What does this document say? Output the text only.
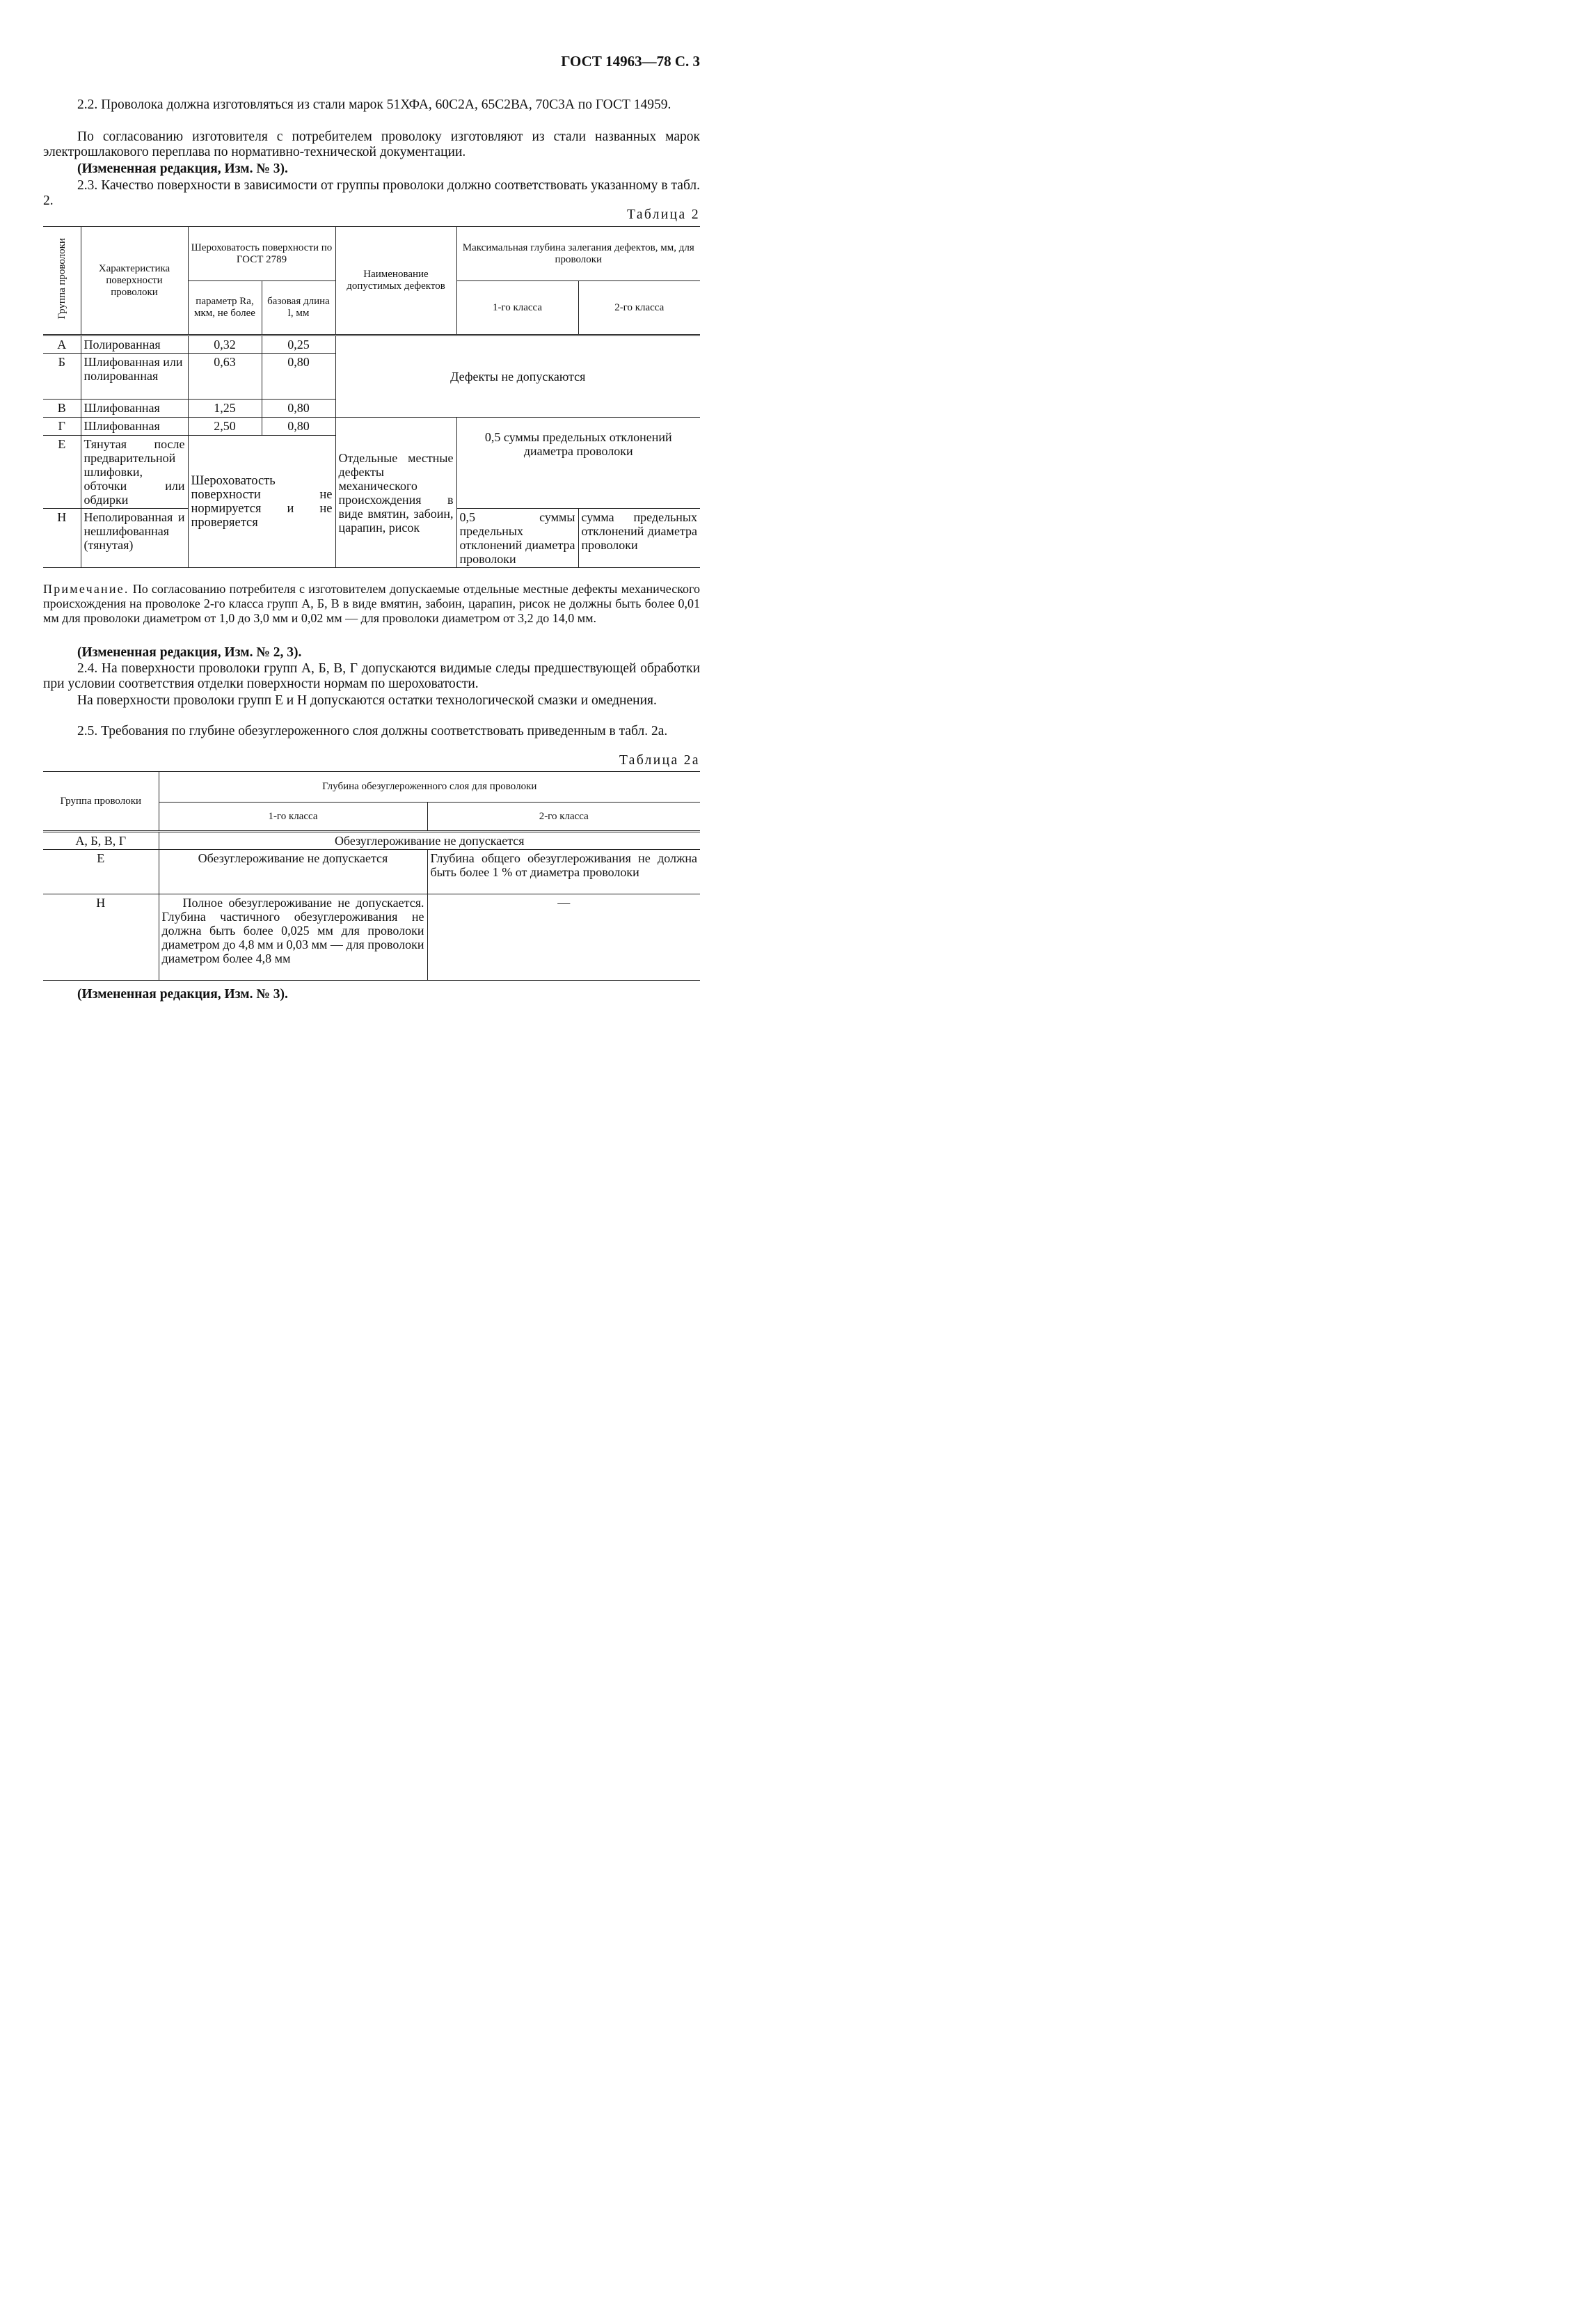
ГОСТ 14963—78 С. 3
2.2. Проволока должна изготовляться из стали марок 51ХФА, 60С2А, 65С2ВА, 70С3А по ГОСТ 14959.
По согласованию изготовителя с потребителем проволоку изготовляют из стали названных марок электрошлакового переплава по нормативно-технической документации.
(Измененная редакция, Изм. № 3).
2.3. Качество поверхности в зависимости от группы проволоки должно соответствовать указанному в табл. 2.
Таблица 2
Группа проволоки	Характеристика поверхности проволоки	Шероховатость поверхности по ГОСТ 2789		Наименование допустимых дефектов	Максимальная глубина залегания дефектов, мм, для проволоки	
		параметр Ra, мкм, не более	базовая длина l, мм		1-го класса	2-го класса
А	Полированная	0,32	0,25	Дефекты не допускаются		
Б	Шлифованная или полированная	0,63	0,80			
В	Шлифованная	1,25	0,80			
Г	Шлифованная	2,50	0,80	Отдельные местные дефекты механического происхождения в виде вмятин, забоин, царапин, рисок	0,5 суммы предельных отклонений диаметра проволоки	
Е	Тянутая после предварительной шлифовки, обточки или обдирки	Шероховатость поверхности не нормируется и не проверяется				
Н	Неполированная и нешлифованная (тянутая)				0,5 суммы предельных отклонений диаметра проволоки	сумма предельных отклонений диаметра проволоки
Примечание. По согласованию потребителя с изготовителем допускаемые отдельные местные дефекты механического происхождения на проволоке 2-го класса групп А, Б, В в виде вмятин, забоин, царапин, рисок не должны быть более 0,01 мм для проволоки диаметром от 1,0 до 3,0 мм и 0,02 мм — для проволоки диаметром от 3,2 до 14,0 мм.
(Измененная редакция, Изм. № 2, 3).
2.4. На поверхности проволоки групп А, Б, В, Г допускаются видимые следы предшествующей обработки при условии соответствия отделки поверхности нормам по шероховатости.
На поверхности проволоки групп Е и Н допускаются остатки технологической смазки и омеднения.
2.5. Требования по глубине обезуглероженного слоя должны соответствовать приведенным в табл. 2а.
Таблица 2а
Группа проволоки	Глубина обезуглероженного слоя для проволоки	
	1-го класса	2-го класса
А, Б, В, Г	Обезуглероживание не допускается	
Е	Обезуглероживание не допускается	Глубина общего обезуглероживания не должна быть более 1 % от диаметра проволоки
Н	Полное обезуглероживание не допускается. Глубина частичного обезуглероживания не должна быть более 0,025 мм для проволоки диаметром до 4,8 мм и 0,03 мм — для проволоки диаметром более 4,8 мм	—
(Измененная редакция, Изм. № 3).
